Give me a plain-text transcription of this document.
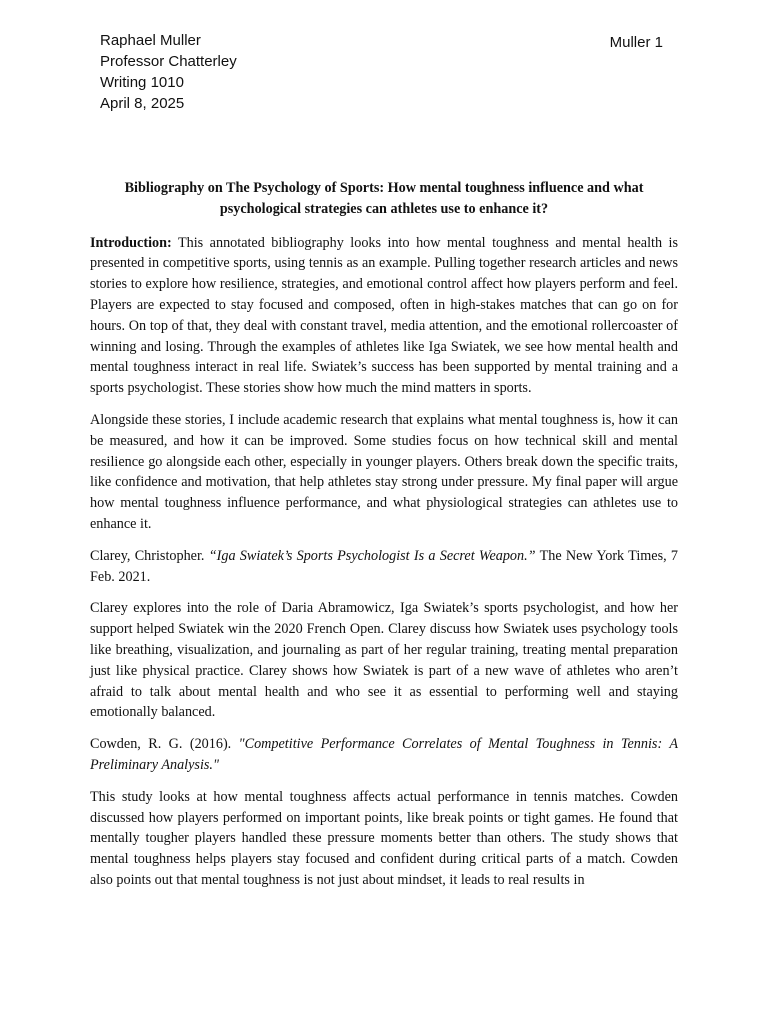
Raphael Muller
Professor Chatterley
Writing 1010
April 8, 2025
Muller 1

Bibliography on The Psychology of Sports: How mental toughness influence and what psychological strategies can athletes use to enhance it?

Introduction: This annotated bibliography looks into how mental toughness and mental health is presented in competitive sports, using tennis as an example. Pulling together research articles and news stories to explore how resilience, strategies, and emotional control affect how players perform and feel. Players are expected to stay focused and composed, often in high-stakes matches that can go on for hours. On top of that, they deal with constant travel, media attention, and the emotional rollercoaster of winning and losing. Through the examples of athletes like Iga Swiatek, we see how mental health and mental toughness interact in real life. Swiatek’s success has been supported by mental training and a sports psychologist. These stories show how much the mind matters in sports.

Alongside these stories, I include academic research that explains what mental toughness is, how it can be measured, and how it can be improved. Some studies focus on how technical skill and mental resilience go alongside each other, especially in younger players. Others break down the specific traits, like confidence and motivation, that help athletes stay strong under pressure. My final paper will argue how mental toughness influence performance, and what physiological strategies can athletes use to enhance it.

Clarey, Christopher. “Iga Swiatek’s Sports Psychologist Is a Secret Weapon.” The New York Times, 7 Feb. 2021.

Clarey explores into the role of Daria Abramowicz, Iga Swiatek’s sports psychologist, and how her support helped Swiatek win the 2020 French Open. Clarey discuss how Swiatek uses psychology tools like breathing, visualization, and journaling as part of her regular training, treating mental preparation just like physical practice. Clarey shows how Swiatek is part of a new wave of athletes who aren’t afraid to talk about mental health and who see it as essential to performing well and staying emotionally balanced.

Cowden, R. G. (2016). "Competitive Performance Correlates of Mental Toughness in Tennis: A Preliminary Analysis."

This study looks at how mental toughness affects actual performance in tennis matches. Cowden discussed how players performed on important points, like break points or tight games. He found that mentally tougher players handled these pressure moments better than others. The study shows that mental toughness helps players stay focused and confident during critical parts of a match. Cowden also points out that mental toughness is not just about mindset, it leads to real results in
